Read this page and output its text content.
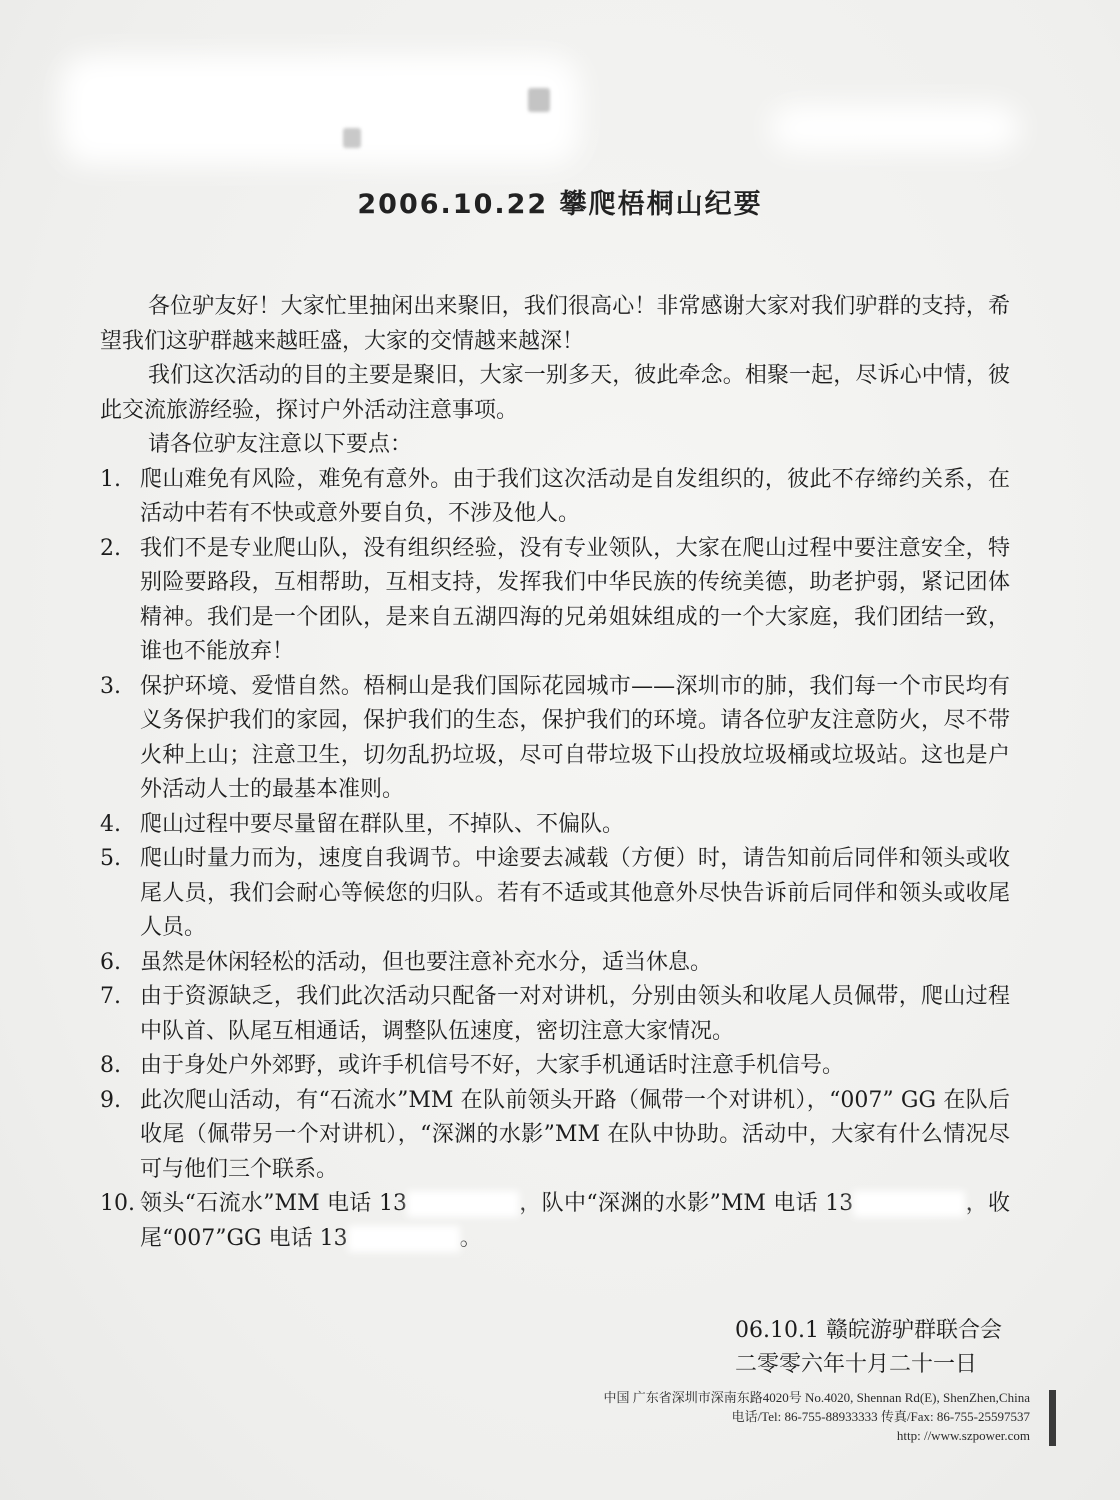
2006.10.22 攀爬梧桐山纪要

各位驴友好！大家忙里抽闲出来聚旧，我们很高心！非常感谢大家对我们驴群的支持，希望我们这驴群越来越旺盛，大家的交情越来越深！

我们这次活动的目的主要是聚旧，大家一别多天，彼此牵念。相聚一起，尽诉心中情，彼此交流旅游经验，探讨户外活动注意事项。

请各位驴友注意以下要点：

1. 爬山难免有风险，难免有意外。由于我们这次活动是自发组织的，彼此不存缔约关系，在活动中若有不快或意外要自负，不涉及他人。
2. 我们不是专业爬山队，没有组织经验，没有专业领队，大家在爬山过程中要注意安全，特别险要路段，互相帮助，互相支持，发挥我们中华民族的传统美德，助老护弱，紧记团体精神。我们是一个团队，是来自五湖四海的兄弟姐妹组成的一个大家庭，我们团结一致，谁也不能放弃！
3. 保护环境、爱惜自然。梧桐山是我们国际花园城市——深圳市的肺，我们每一个市民均有义务保护我们的家园，保护我们的生态，保护我们的环境。请各位驴友注意防火，尽不带火种上山；注意卫生，切勿乱扔垃圾，尽可自带垃圾下山投放垃圾桶或垃圾站。这也是户外活动人士的最基本准则。
4. 爬山过程中要尽量留在群队里，不掉队、不偏队。
5. 爬山时量力而为，速度自我调节。中途要去减载（方便）时，请告知前后同伴和领头或收尾人员，我们会耐心等候您的归队。若有不适或其他意外尽快告诉前后同伴和领头或收尾人员。
6. 虽然是休闲轻松的活动，但也要注意补充水分，适当休息。
7. 由于资源缺乏，我们此次活动只配备一对对讲机，分别由领头和收尾人员佩带，爬山过程中队首、队尾互相通话，调整队伍速度，密切注意大家情况。
8. 由于身处户外郊野，或许手机信号不好，大家手机通话时注意手机信号。
9. 此次爬山活动，有“石流水”MM 在队前领头开路（佩带一个对讲机），“007” GG 在队后收尾（佩带另一个对讲机），“深渊的水影”MM 在队中协助。活动中，大家有什么情况尽可与他们三个联系。
10. 领头“石流水”MM 电话 13	，队中“深渊的水影”MM 电话 13	，收尾“007”GG 电话 13	。
06.10.1 赣皖游驴群联合会
二零零六年十月二十一日
中国 广东省深圳市深南东路4020号 No.4020, Shennan Rd(E), ShenZhen,China
电话/Tel: 86-755-88933333 传真/Fax: 86-755-25597537
http: //www.szpower.com
